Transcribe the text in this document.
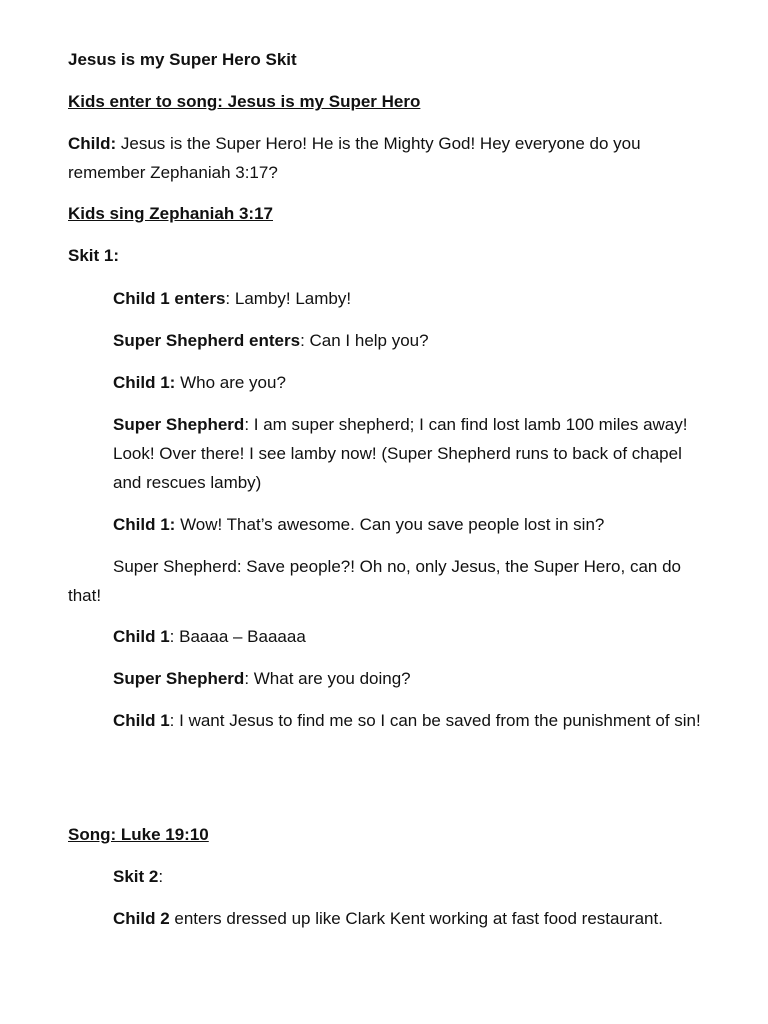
Jesus is my Super Hero Skit

Kids enter to song: Jesus is my Super Hero

Child: Jesus is the Super Hero! He is the Mighty God! Hey everyone do you remember Zephaniah 3:17?

Kids sing Zephaniah 3:17

Skit 1:

Child 1 enters: Lamby! Lamby!

Super Shepherd enters: Can I help you?

Child 1: Who are you?

Super Shepherd: I am super shepherd; I can find lost lamb 100 miles away! Look! Over there! I see lamby now! (Super Shepherd runs to back of chapel and rescues lamby)

Child 1: Wow! That’s awesome. Can you save people lost in sin?

Super Shepherd: Save people?! Oh no, only Jesus, the Super Hero, can do that!

Child 1: Baaaa – Baaaaa

Super Shepherd: What are you doing?

Child 1: I want Jesus to find me so I can be saved from the punishment of sin!

Song: Luke 19:10

Skit 2:

Child 2 enters dressed up like Clark Kent working at fast food restaurant.
